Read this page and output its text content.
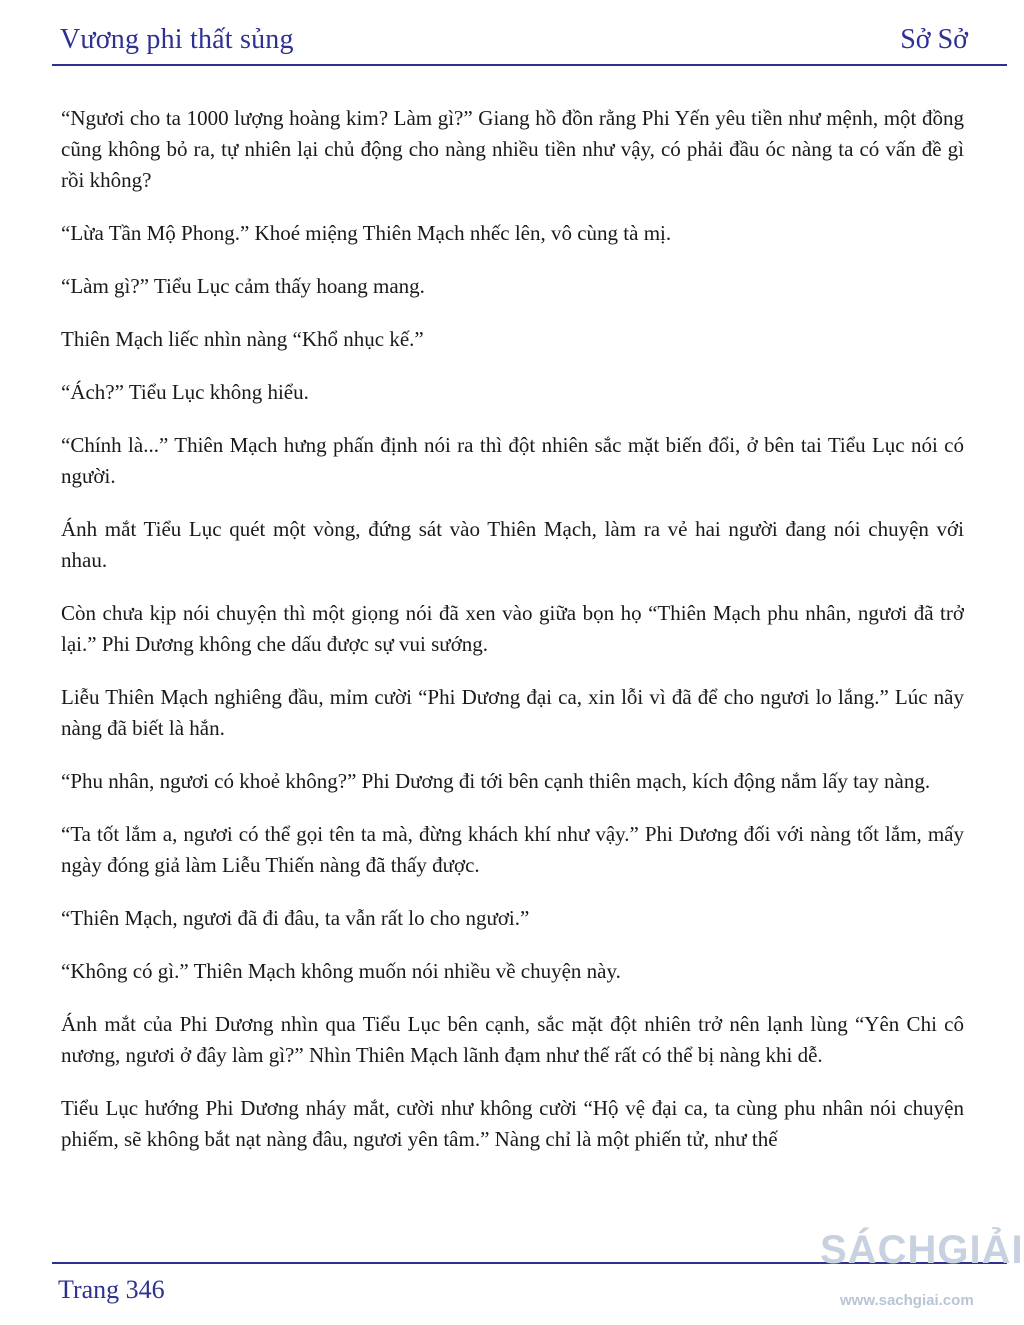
Vương phi thất sủng	Sở Sở

“Ngươi cho ta 1000 lượng hoàng kim? Làm gì?” Giang hồ đồn rằng Phi Yến yêu tiền như mệnh, một đồng cũng không bỏ ra, tự nhiên lại chủ động cho nàng nhiều tiền như vậy, có phải đầu óc nàng ta có vấn đề gì rồi không?

“Lừa Tần Mộ Phong.” Khoé miệng Thiên Mạch nhếc lên, vô cùng tà mị.

“Làm gì?” Tiểu Lục cảm thấy hoang mang.

Thiên Mạch liếc nhìn nàng “Khổ nhục kế.”

“Ách?” Tiểu Lục không hiểu.

“Chính là...” Thiên Mạch hưng phấn định nói ra thì đột nhiên sắc mặt biến đổi, ở bên tai Tiểu Lục nói có người.

Ánh mắt Tiểu Lục quét một vòng, đứng sát vào Thiên Mạch, làm ra vẻ hai người đang nói chuyện với nhau.

Còn chưa kịp nói chuyện thì một giọng nói đã xen vào giữa bọn họ “Thiên Mạch phu nhân, ngươi đã trở lại.” Phi Dương không che dấu được sự vui sướng.

Liễu Thiên Mạch nghiêng đầu, mỉm cười “Phi Dương đại ca, xin lỗi vì đã để cho ngươi lo lắng.” Lúc nãy nàng đã biết là hắn.

“Phu nhân, ngươi có khoẻ không?” Phi Dương đi tới bên cạnh thiên mạch, kích động nắm lấy tay nàng.

“Ta tốt lắm a, ngươi có thể gọi tên ta mà, đừng khách khí như vậy.” Phi Dương đối với nàng tốt lắm, mấy ngày đóng giả làm Liễu Thiến nàng đã thấy được.

“Thiên Mạch, ngươi đã đi đâu, ta vẫn rất lo cho ngươi.”

“Không có gì.” Thiên Mạch không muốn nói nhiều về chuyện này.

Ánh mắt của Phi Dương nhìn qua Tiểu Lục bên cạnh, sắc mặt đột nhiên trở nên lạnh lùng “Yên Chi cô nương, ngươi ở đây làm gì?” Nhìn Thiên Mạch lãnh đạm như thế rất có thể bị nàng khi dễ.

Tiểu Lục hướng Phi Dương nháy mắt, cười như không cười “Hộ vệ đại ca, ta cùng phu nhân nói chuyện phiếm, sẽ không bắt nạt nàng đâu, ngươi yên tâm.” Nàng chỉ là một phiến tử, như thế

Trang 346
SÁCHGIẢI
www.sachgiai.com
